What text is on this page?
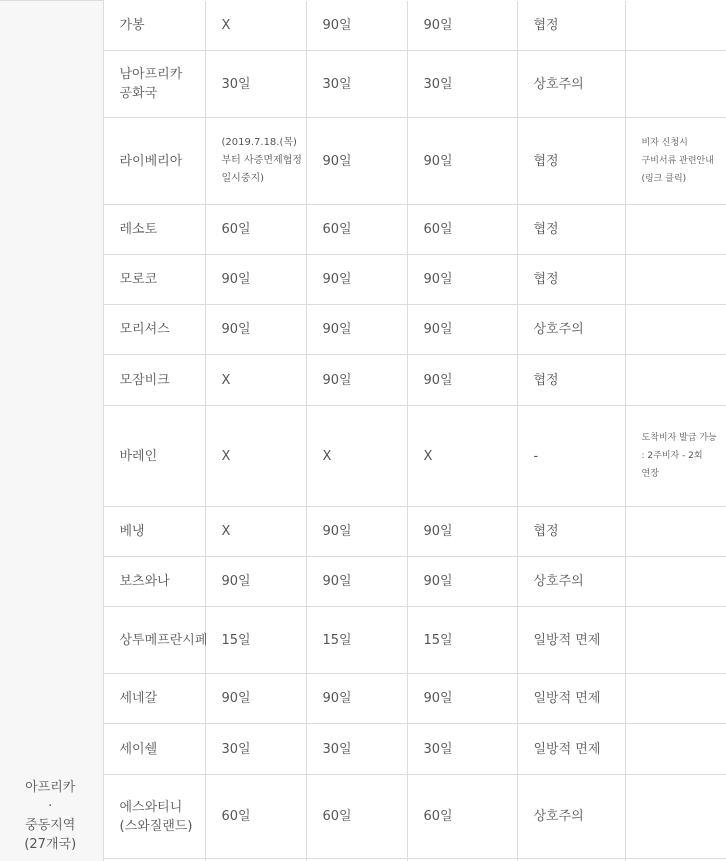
아프리카
·
중동지역
(27개국)	가봉	X	90일	90일	협정	
	남아프리카 공화국	30일	30일	30일	상호주의	
	라이베리아	(2019.7.18.(목)부터 사증면제협정 일시중지)	90일	90일	협정	비자 신청시 구비서류 관련안내 (링크 클릭)
	레소토	60일	60일	60일	협정	
	모로코	90일	90일	90일	협정	
	모리셔스	90일	90일	90일	상호주의	
	모잠비크	X	90일	90일	협정	
	바레인	X	X	X	-	도착비자 발급 가능 : 2주비자 - 2회 연장
	베냉	X	90일	90일	협정	
	보츠와나	90일	90일	90일	상호주의	
	상투메프란시페	15일	15일	15일	일방적 면제	
	세네갈	90일	90일	90일	일방적 면제	
	세이쉘	30일	30일	30일	일방적 면제	
	에스와티니 (스와질랜드)	60일	60일	60일	상호주의	
